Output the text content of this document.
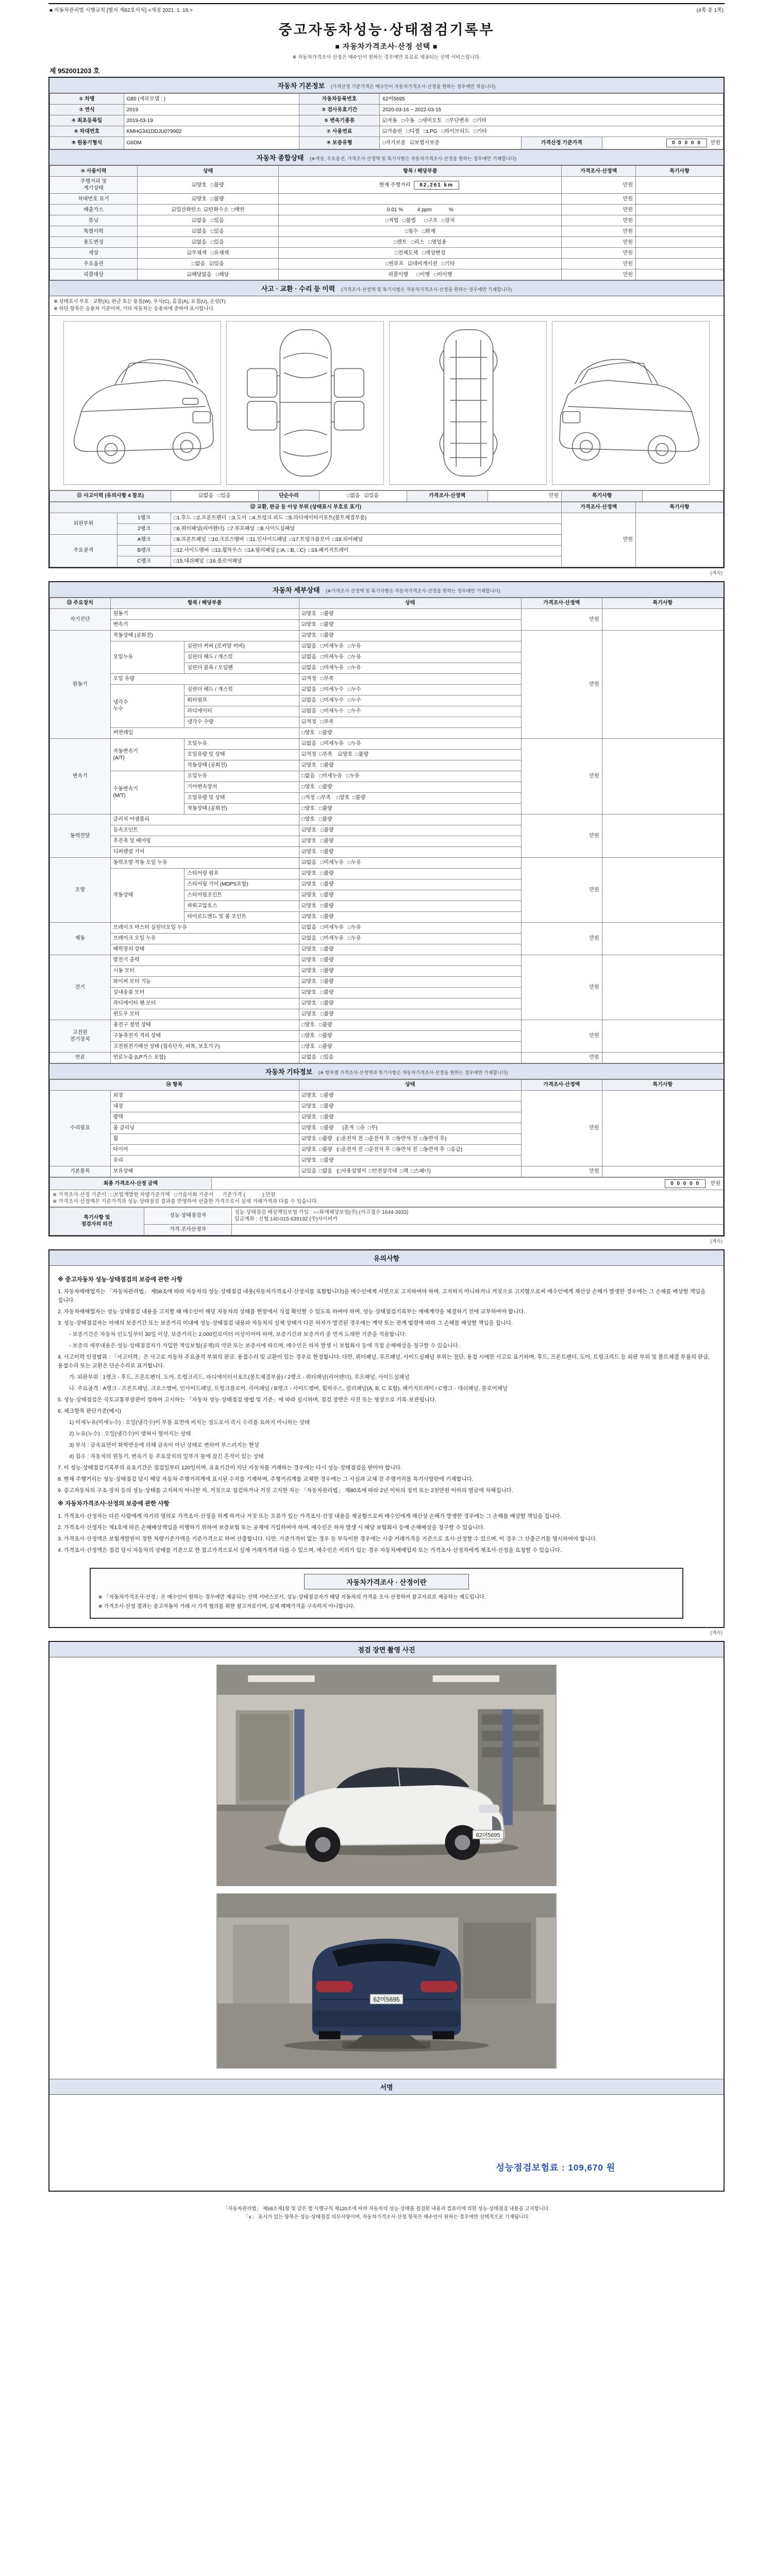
■ 자동차관리법 시행규칙 [별지 제82호서식] <개정 2021. 1. 19.>	(4쪽 중 1쪽)
중고자동차성능·상태점검기록부
■ 자동차가격조사·산정 선택 ■
※ 자동차가격조사·산정은 매수인이 원하는 경우에만 유료로 제공되는 선택 서비스입니다.
제 952001203 호
자동차 기본정보 (가격산정 기준가격은 매수인이 자동차가격조사·산정을 원하는 경우에만 적습니다)
① 차명	G80 (세부모델 : )	자동차등록번호	62머5695		
② 연식	2019	③ 검사유효기간	2020-03-16 ~ 2022-03-15		
④ 최초등록일	2019-03-19	⑤ 변속기종류	☑자동   □수동   □세미오토   □무단변속   □기타		
⑥ 차대번호	KMHG341DDJU079902	⑦ 사용연료	☑가솔린   □디젤   □LPG   □하이브리드   □기타		
⑧ 원동기형식	G6DM	⑨ 보증유형	□자가보증   ☑보험사보증	가격산정 기준가격	0 0 0 0 0 만원
자동차 종합상태 (※색상, 주요옵션, 가격조사·산정액 및 특기사항은 자동차가격조사·산정을 원하는 경우에만 기재합니다)
⑩ 사용이력	상태	항목 / 해당부품	가격조사·산정액	특기사항
주행거리 및
계기상태	☑양호   □불량	현재 주행거리 82,261 km	만원	
차대번호 표기	☑양호   □불량		만원	
배출가스	☑일산화탄소  ☑탄화수소  □매연	0.01 %          4 ppm            %	만원	
튜닝	☑없음   □있음	□적법   □불법      □구조   □장치	만원	
특별이력	☑없음   □있음	□침수   □화재	만원	
용도변경	☑없음   □있음	□렌트   □리스   □영업용	만원	
색상	☑무채색   □유채색	□전체도색   □색상변경	만원	
주요옵션	□없음   ☑있음	□썬루프   ☑네비게이션   □기타	만원	
리콜대상	☑해당없음   □해당	리콜이행      □이행   □미이행	만원	
사고 · 교환 · 수리 등 이력 (가격조사·산정액 및 특기사항은 자동차가격조사·산정을 원하는 경우에만 기재합니다)
※ 상태표시 부호 : 교환(X), 판금 또는 용접(W), 부식(C), 흠집(A), 요철(U), 손상(T)
※ 하단 항목은 승용차 기준이며, 기타 자동차는 승용차에 준하여 표시합니다.
⑪ 사고이력 (유의사항 4 참조)	☑없음   □있음	단순수리	□없음   ☑있음	가격조사·산정액	만원	특기사항	
⑫ 교환, 판금 등 이상 부위 (상태표시 부호로 표기)			가격조사·산정액	특기사항
외판부위	1랭크	□1.후드  □2.프론트펜더  □3.도어  □4.트렁크 리드  □5.라디에이터서포트(볼트체결부품)	만원	
	2랭크	□6.쿼터패널(리어펜더)  □7.루프패널  □8.사이드실패널		
주요골격	A랭크	□9.프론트패널  □10.크로스멤버  □11.인사이드패널  □17.트렁크플로어  □18.리어패널		
	B랭크	□12.사이드멤버  □13.휠하우스  □14.필러패널 (□A, □B, □C)  □19.패키지트레이		
	C랭크	□15.대쉬패널  □16.플로어패널		
(계속)
자동차 세부상태 (※가격조사·산정액 및 특기사항은 자동차가격조사·산정을 원하는 경우에만 기재합니다)
⑬ 주요장치	항목 / 해당부품		상태	가격조사·산정액	특기사항
자기진단	원동기		☑양호   □불량	만원	
	변속기		☑양호   □불량		
원동기	작동상태 (공회전)		☑양호   □불량	만원	
	오일누유	실린더 커버 (로커암 커버)	☑없음   □미세누유   □누유		
		실린더 헤드 / 개스킷	☑없음   □미세누유   □누유		
		실린더 블록 / 오일팬	☑없음   □미세누유   □누유		
	오일 유량		☑적정   □부족		
	냉각수
누수	실린더 헤드 / 개스킷	☑없음   □미세누수   □누수		
		워터펌프	☑없음   □미세누수   □누수		
		라디에이터	☑없음   □미세누수   □누수		
		냉각수 수량	☑적정   □부족		
	커먼레일		□양호   □불량		
변속기	자동변속기
(A/T)	오일누유	☑없음   □미세누유   □누유	만원	
		오일유량 및 상태	☑적정  □부족    ☑양호  □불량		
		작동상태 (공회전)	☑양호   □불량		
	수동변속기
(M/T)	오일누유	□없음   □미세누유   □누유		
		기어변속장치	□양호   □불량		
		오일유량 및 상태	□적정  □부족    □양호  □불량		
		작동상태 (공회전)	□양호   □불량		
동력전달	클러치 어셈블리		□양호   □불량	만원	
	등속조인트		☑양호   □불량		
	추진축 및 베어링		☑양호   □불량		
	디퍼렌셜 기어		☑양호   □불량		
조향	동력조향 작동 오일 누유		☑없음   □미세누유   □누유	만원	
	작동상태	스티어링 펌프	☑양호   □불량		
		스티어링 기어 (MDPS포함)	☑양호   □불량		
		스티어링조인트	☑양호   □불량		
		파워고압호스	☑양호   □불량		
		타이로드엔드 및 볼 조인트	☑양호   □불량		
제동	브레이크 마스터 실린더오일 누유		☑없음   □미세누유   □누유	만원	
	브레이크 오일 누유		☑없음   □미세누유   □누유		
	배력장치 상태		☑양호   □불량		
전기	발전기 출력		☑양호   □불량	만원	
	시동 모터		☑양호   □불량		
	와이퍼 모터 기능		☑양호   □불량		
	실내송풍 모터		☑양호   □불량		
	라디에이터 팬 모터		☑양호   □불량		
	윈도우 모터		☑양호   □불량		
고전원
전기장치	충전구 절연 상태		□양호   □불량	만원	
	구동축전지 격리 상태		□양호   □불량		
	고전원전기배선 상태 (접속단자, 피복, 보호기구)		□양호   □불량		
연료	연료누출 (LP가스 포함)		☑없음   □있음	만원	
자동차 기타정보 (※ 항목별 가격조사·산정액과 특기사항은 자동차가격조사·산정을 원하는 경우에만 기재합니다)
⑭ 항목		상태	가격조사·산정액	특기사항
수리필요	외장	☑양호   □불량	만원	
	내장	☑양호   □불량		
	광택	☑양호   □불량		
	룸 클리닝	☑양호   □불량      (흔적  □유  □무)		
	휠	☑양호  □불량   (□운전석 전  □운전석 후  □동반석 전  □동반석 후)		
	타이어	☑양호  □불량   (□운전석 전  □운전석 후  □동반석 전  □동반석 후  □응급)		
	유리	☑양호   □불량		
기본품목	보유상태	☑있음  □없음   (□사용설명서  □안전삼각대  □잭  □스패너)	만원	
최종 가격조사·산정 금액	0 0 0 0 0  만원
※ 가격조사·산정 기준서 : □보험개발원 차량기준가액   □기술사회 기준서      기준가격 (            ) 만원
※ 가격조사·산정액은 기준가격과 성능·상태점검 결과를 반영하여 산출한 가격으로서 실제 거래가격과 다를 수 있습니다.
특기사항 및
점검자의 의견	성능·상태점검자	성능·상태점검 배상책임보험 가입 : ○○화재해상보험(주) (사고접수 1644-3933)
입금계좌 : 신협 140-015-639192 (주)사이버카
	가격·조사산정자	
(계속)
유의사항
※ 중고자동차 성능·상태점검의 보증에 관한 사항
1. 자동차매매업자는 「자동차관리법」 제58조에 따라 자동차의 성능·상태점검 내용(자동차가격조사·산정서를 포함합니다)을 매수인에게 서면으로 고지하여야 하며, 고지하지 아니하거나 거짓으로 고지함으로써 매수인에게 재산상 손해가 발생한 경우에는 그 손해를 배상할 책임을 집니다.
2. 자동차매매업자는 성능·상태점검 내용을 고지할 때 매수인이 해당 자동차의 상태를 현장에서 직접 확인할 수 있도록 하여야 하며, 성능·상태점검기록부는 매매계약을 체결하기 전에 교부하여야 합니다.
3. 성능·상태점검자는 아래의 보증기간 또는 보증거리 이내에 성능·상태점검 내용과 자동차의 실제 상태가 다른 하자가 발견된 경우에는 계약 또는 관계 법령에 따라 그 손해를 배상할 책임을 집니다.
- 보증기간은 자동차 인도일부터 30일 이상, 보증거리는 2,000킬로미터 이상이어야 하며, 보증기간과 보증거리 중 먼저 도래한 기준을 적용합니다.
- 보증의 세부내용은 성능·상태점검자가 가입한 책임보험(공제)의 약관 또는 보증서에 따르며, 매수인은 하자 발생 시 보험회사 등에 직접 손해배상을 청구할 수 있습니다.
4. 사고이력 인정범위 : 「사고이력」은 사고로 자동차 주요골격 부위의 판금, 용접수리 및 교환이 있는 경우로 한정합니다. 다만, 쿼터패널, 루프패널, 사이드실패널 부위는 절단, 용접 시에만 사고로 표기하며, 후드, 프론트펜더, 도어, 트렁크리드 등 외판 부위 및 볼트체결 부품의 판금, 용접수리 또는 교환은 단순수리로 표기합니다.
가. 외판부위 : 1랭크 - 후드, 프론트펜더, 도어, 트렁크리드, 라디에이터서포트(볼트체결부품) / 2랭크 - 쿼터패널(리어펜더), 루프패널, 사이드실패널
나. 주요골격 : A랭크 - 프론트패널, 크로스멤버, 인사이드패널, 트렁크플로어, 리어패널 / B랭크 - 사이드멤버, 휠하우스, 필러패널(A, B, C 포함), 패키지트레이 / C랭크 - 대쉬패널, 플로어패널
5. 성능·상태점검은 국토교통부장관이 정하여 고시하는 「자동차 성능·상태점검 방법 및 기준」에 따라 실시하며, 점검 장면은 사진 또는 영상으로 기록·보관됩니다.
6. 체크항목 판단기준(예시)
1) 미세누유(미세누수) : 오일(냉각수)이 부품 표면에 비치는 정도로서 즉시 수리를 요하지 아니하는 상태
2) 누유(누수) : 오일(냉각수)이 맺혀서 떨어지는 상태
3) 부식 : 금속표면이 화학반응에 의해 금속이 아닌 상태로 변하여 부스러지는 현상
4) 침수 : 자동차의 원동기, 변속기 등 주요장치의 일부가 물에 잠긴 흔적이 있는 상태
7. 이 성능·상태점검기록부의 유효기간은 점검일부터 120일이며, 유효기간이 지난 자동차를 거래하는 경우에는 다시 성능·상태점검을 받아야 합니다.
8. 현재 주행거리는 성능·상태점검 당시 해당 자동차 주행거리계에 표시된 수치를 기재하며, 주행거리계를 교체한 경우에는 그 사실과 교체 전 주행거리를 특기사항란에 기재합니다.
9. 중고자동차의 구조·장치 등의 성능·상태를 고지하지 아니한 자, 거짓으로 점검하거나 거짓 고지한 자는 「자동차관리법」 제80조에 따라 2년 이하의 징역 또는 2천만원 이하의 벌금에 처해집니다.
※ 자동차가격조사·산정의 보증에 관한 사항
1. 가격조사·산정자는 다른 사람에게 자기의 명의로 가격조사·산정을 하게 하거나 거짓 또는 오류가 있는 가격조사·산정 내용을 제공함으로써 매수인에게 재산상 손해가 발생한 경우에는 그 손해를 배상할 책임을 집니다.
2. 가격조사·산정자는 제1호에 따른 손해배상책임을 이행하기 위하여 보증보험 또는 공제에 가입하여야 하며, 매수인은 하자 발생 시 해당 보험회사 등에 손해배상을 청구할 수 있습니다.
3. 가격조사·산정액은 보험개발원이 정한 차량기준가액을 기준가격으로 하여 산출합니다. 다만, 기준가격이 없는 경우 등 부득이한 경우에는 시중 거래가격을 기준으로 조사·산정할 수 있으며, 이 경우 그 산출근거를 명시하여야 합니다.
4. 가격조사·산정액은 점검 당시 자동차의 상태를 기준으로 한 참고가격으로서 실제 거래가격과 다를 수 있으며, 매수인은 이의가 있는 경우 자동차매매업자 또는 가격조사·산정자에게 재조사·산정을 요청할 수 있습니다.
자동차가격조사 · 산정이란
※ 「자동차가격조사·산정」은 매수인이 원하는 경우에만 제공되는 선택 서비스로서, 성능·상태점검자가 해당 자동차의 가격을 조사·산정하여 참고자료로 제공하는 제도입니다.
※ 가격조사·산정 결과는 중고자동차 거래 시 가격 협의를 위한 참고자료이며, 실제 매매가격을 구속하지 아니합니다.
(계속)
점검 장면 촬영 사진
62머5695
62머5695
서명
성능점검보험료 : 109,670 원
「자동차관리법」 제58조제1항 및 같은 법 시행규칙 제120조에 따라 자동차의 성능·상태를 점검한 내용과 컴퓨터에 의한 성능·상태점검 내용을 고지합니다.
「∨」 표시가 있는 항목은 성능·상태점검 의무사항이며, 자동차가격조사·산정 항목은 매수인이 원하는 경우에만 선택적으로 기재됩니다.
